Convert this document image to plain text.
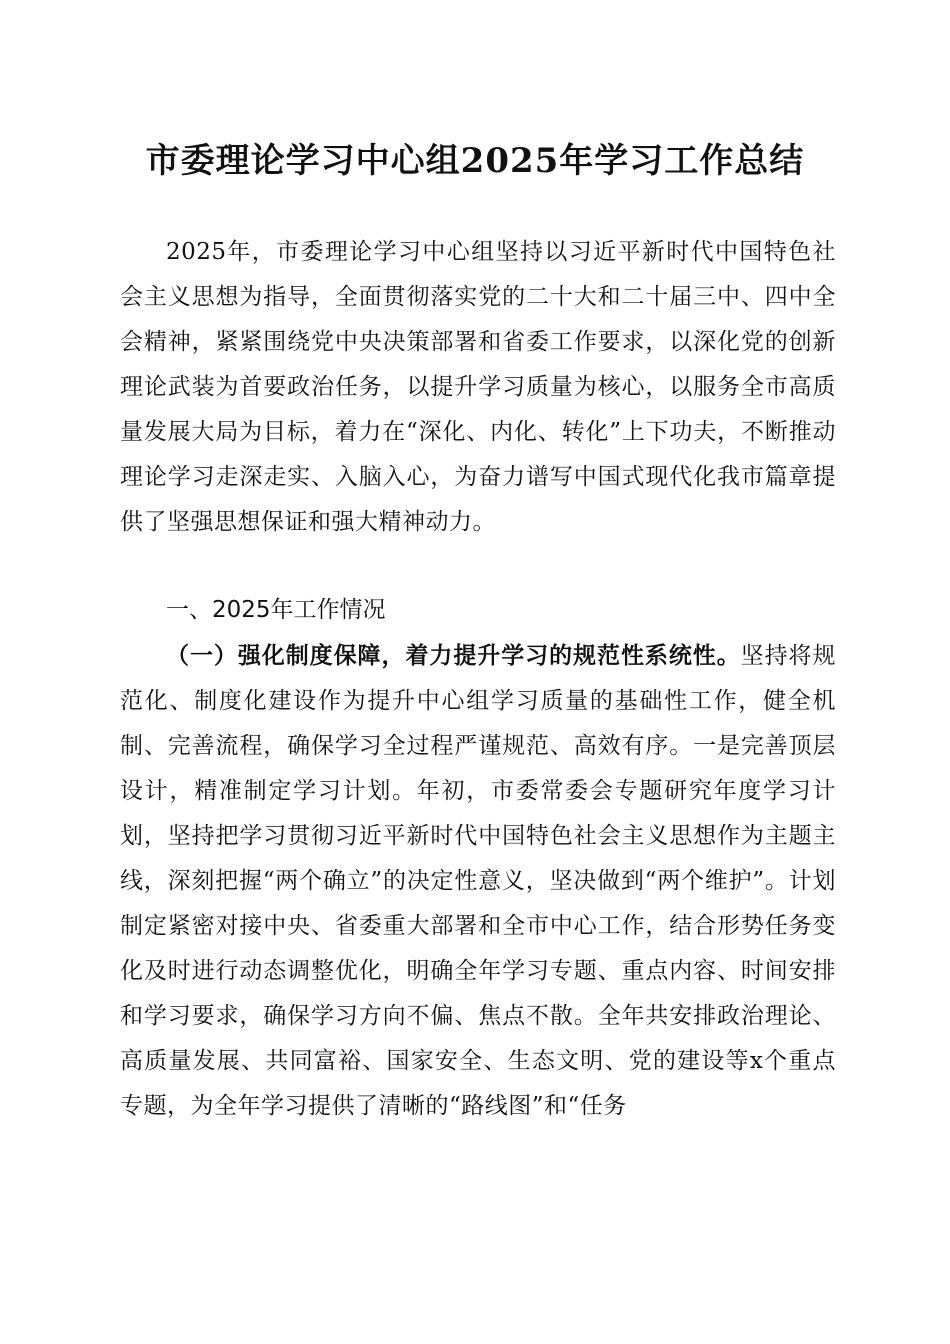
市委理论学习中心组2025年学习工作总结
2025年，市委理论学习中心组坚持以习近平新时代中国特色社会主义思想为指导，全面贯彻落实党的二十大和二十届三中、四中全会精神，紧紧围绕党中央决策部署和省委工作要求，以深化党的创新理论武装为首要政治任务，以提升学习质量为核心，以服务全市高质量发展大局为目标，着力在“深化、内化、转化”上下功夫，不断推动理论学习走深走实、入脑入心，为奋力谱写中国式现代化我市篇章提供了坚强思想保证和强大精神动力。
一、2025年工作情况
（一）强化制度保障，着力提升学习的规范性系统性。坚持将规范化、制度化建设作为提升中心组学习质量的基础性工作，健全机制、完善流程，确保学习全过程严谨规范、高效有序。一是完善顶层设计，精准制定学习计划。年初，市委常委会专题研究年度学习计划，坚持把学习贯彻习近平新时代中国特色社会主义思想作为主题主线，深刻把握“两个确立”的决定性意义，坚决做到“两个维护”。计划制定紧密对接中央、省委重大部署和全市中心工作，结合形势任务变化及时进行动态调整优化，明确全年学习专题、重点内容、时间安排和学习要求，确保学习方向不偏、焦点不散。全年共安排政治理论、高质量发展、共同富裕、国家安全、生态文明、党的建设等x个重点专题，为全年学习提供了清晰的“路线图”和“任务
